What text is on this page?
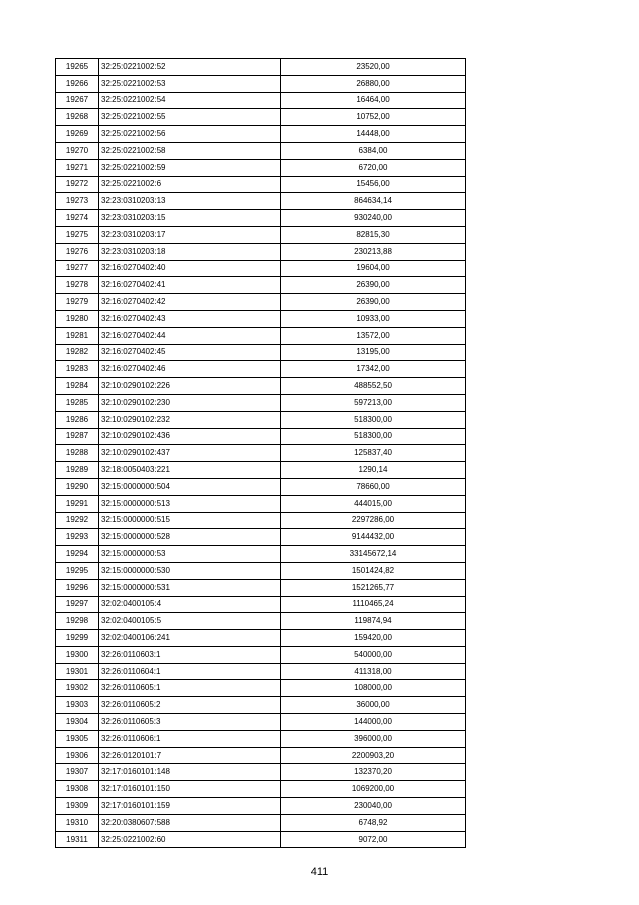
19265	32:25:0221002:52	23520,00
19266	32:25:0221002:53	26880,00
19267	32:25:0221002:54	16464,00
19268	32:25:0221002:55	10752,00
19269	32:25:0221002:56	14448,00
19270	32:25:0221002:58	6384,00
19271	32:25:0221002:59	6720,00
19272	32:25:0221002:6	15456,00
19273	32:23:0310203:13	864634,14
19274	32:23:0310203:15	930240,00
19275	32:23:0310203:17	82815,30
19276	32:23:0310203:18	230213,88
19277	32:16:0270402:40	19604,00
19278	32:16:0270402:41	26390,00
19279	32:16:0270402:42	26390,00
19280	32:16:0270402:43	10933,00
19281	32:16:0270402:44	13572,00
19282	32:16:0270402:45	13195,00
19283	32:16:0270402:46	17342,00
19284	32:10:0290102:226	488552,50
19285	32:10:0290102:230	597213,00
19286	32:10:0290102:232	518300,00
19287	32:10:0290102:436	518300,00
19288	32:10:0290102:437	125837,40
19289	32:18:0050403:221	1290,14
19290	32:15:0000000:504	78660,00
19291	32:15:0000000:513	444015,00
19292	32:15:0000000:515	2297286,00
19293	32:15:0000000:528	9144432,00
19294	32:15:0000000:53	33145672,14
19295	32:15:0000000:530	1501424,82
19296	32:15:0000000:531	1521265,77
19297	32:02:0400105:4	1110465,24
19298	32:02:0400105:5	119874,94
19299	32:02:0400106:241	159420,00
19300	32:26:0110603:1	540000,00
19301	32:26:0110604:1	411318,00
19302	32:26:0110605:1	108000,00
19303	32:26:0110605:2	36000,00
19304	32:26:0110605:3	144000,00
19305	32:26:0110606:1	396000,00
19306	32:26:0120101:7	2200903,20
19307	32:17:0160101:148	132370,20
19308	32:17:0160101:150	1069200,00
19309	32:17:0160101:159	230040,00
19310	32:20:0380607:588	6748,92
19311	32:25:0221002:60	9072,00
411
